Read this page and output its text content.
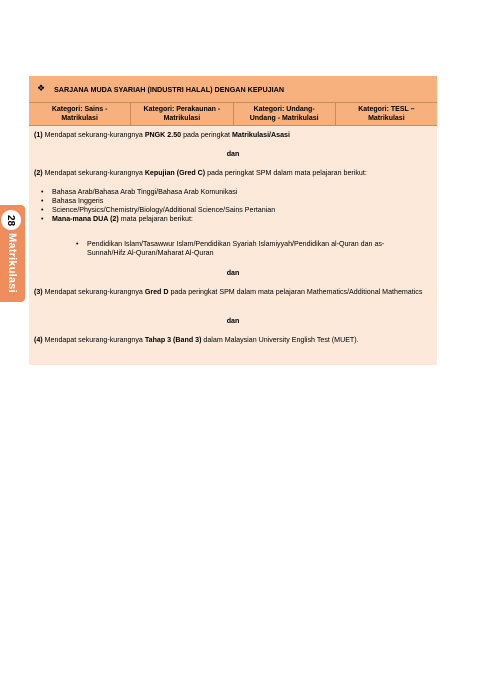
28
Matrikulasi
❖ SARJANA MUDA SYARIAH (INDUSTRI HALAL) DENGAN KEPUJIAN
Kategori: Sains -
Matrikulasi
Kategori: Perakaunan -
Matrikulasi
Kategori: Undang-
Undang - Matrikulasi
Kategori: TESL –
Matrikulasi
(1) Mendapat sekurang-kurangnya PNGK 2.50 pada peringkat Matrikulasi/Asasi
dan
(2) Mendapat sekurang-kurangnya Kepujian (Gred C) pada peringkat SPM dalam mata pelajaran berikut:
• Bahasa Arab/Bahasa Arab Tinggi/Bahasa Arab Komunikasi
• Bahasa Inggeris
• Science/Physics/Chemistry/Biology/Additional Science/Sains Pertanian
• Mana-mana DUA (2) mata pelajaran berikut:
• Pendidikan Islam/Tasawwur Islam/Pendidikan Syariah Islamiyyah/Pendidikan al-Quran dan as-
Sunnah/Hifz Al-Quran/Maharat Al-Quran
dan
(3) Mendapat sekurang-kurangnya Gred D pada peringkat SPM dalam mata pelajaran Mathematics/Additional Mathematics
dan
(4) Mendapat sekurang-kurangnya Tahap 3 (Band 3) dalam Malaysian University English Test (MUET).
